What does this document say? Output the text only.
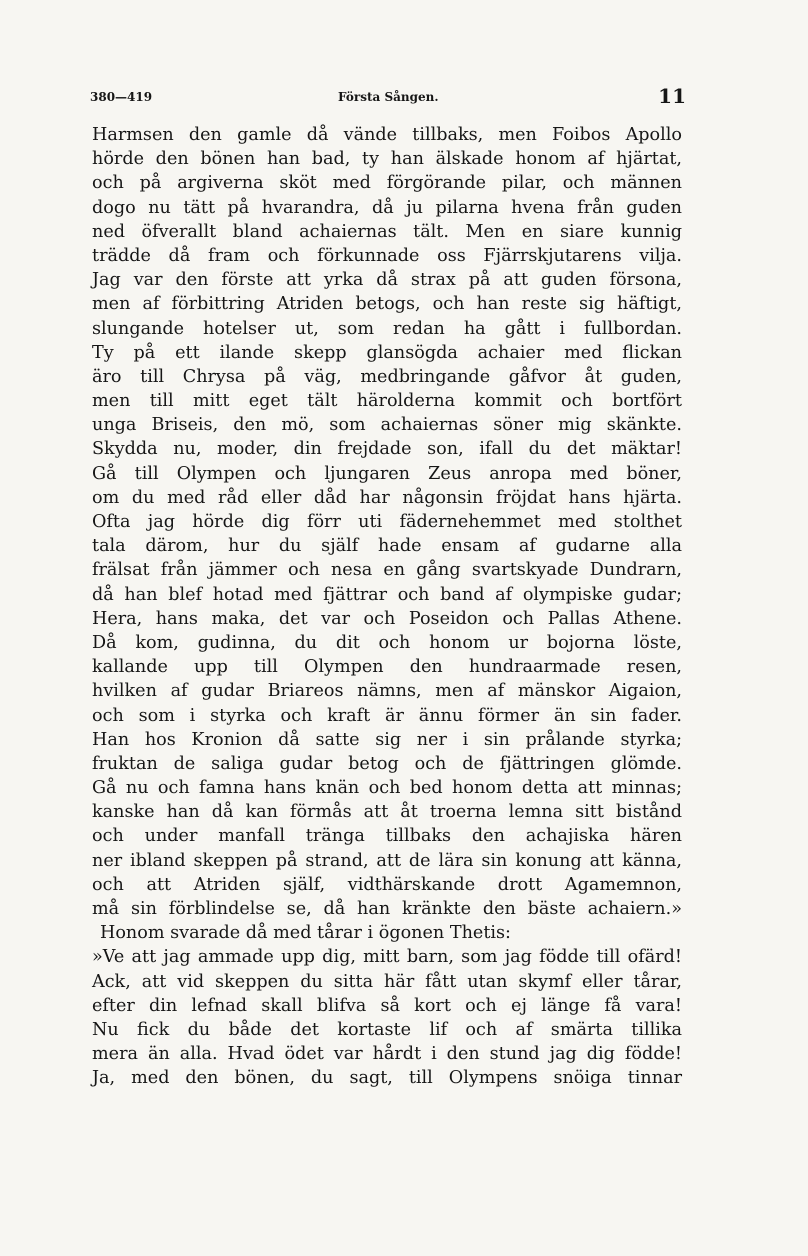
380—419	Första Sången.	11
Harmsen den gamle då vände tillbaks, men Foibos Apollo
hörde den bönen han bad, ty han älskade honom af hjärtat,
och på argiverna sköt med förgörande pilar, och männen
dogo nu tätt på hvarandra, då ju pilarna hvena från guden
ned öfverallt bland achaiernas tält. Men en siare kunnig
trädde då fram och förkunnade oss Fjärrskjutarens vilja.
Jag var den förste att yrka då strax på att guden försona,
men af förbittring Atriden betogs, och han reste sig häftigt,
slungande hotelser ut, som redan ha gått i fullbordan.
Ty på ett ilande skepp glansögda achaier med flickan
äro till Chrysa på väg, medbringande gåfvor åt guden,
men till mitt eget tält härolderna kommit och bortfört
unga Briseis, den mö, som achaiernas söner mig skänkte.
Skydda nu, moder, din frejdade son, ifall du det mäktar!
Gå till Olympen och ljungaren Zeus anropa med böner,
om du med råd eller dåd har någonsin fröjdat hans hjärta.
Ofta jag hörde dig förr uti fädernehemmet med stolthet
tala därom, hur du själf hade ensam af gudarne alla
frälsat från jämmer och nesa en gång svartskyade Dundrarn,
då han blef hotad med fjättrar och band af olympiske gudar;
Hera, hans maka, det var och Poseidon och Pallas Athene.
Då kom, gudinna, du dit och honom ur bojorna löste,
kallande upp till Olympen den hundraarmade resen,
hvilken af gudar Briareos nämns, men af mänskor Aigaion,
och som i styrka och kraft är ännu förmer än sin fader.
Han hos Kronion då satte sig ner i sin prålande styrka;
fruktan de saliga gudar betog och de fjättringen glömde.
Gå nu och famna hans knän och bed honom detta att minnas;
kanske han då kan förmås att åt troerna lemna sitt bistånd
och under manfall tränga tillbaks den achajiska hären
ner ibland skeppen på strand, att de lära sin konung att känna,
och att Atriden själf, vidthärskande drott Agamemnon,
må sin förblindelse se, då han kränkte den bäste achaiern.»
Honom svarade då med tårar i ögonen Thetis:
»Ve att jag ammade upp dig, mitt barn, som jag födde till ofärd!
Ack, att vid skeppen du sitta här fått utan skymf eller tårar,
efter din lefnad skall blifva så kort och ej länge få vara!
Nu fick du både det kortaste lif och af smärta tillika
mera än alla. Hvad ödet var hårdt i den stund jag dig födde!
Ja, med den bönen, du sagt, till Olympens snöiga tinnar
